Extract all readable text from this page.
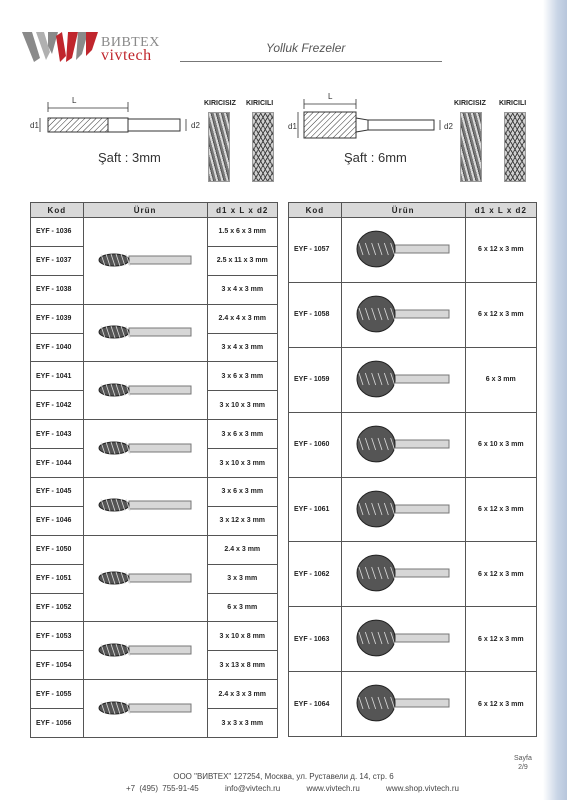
ВИВТЕХ
vivtech	Yolluk Frezeler
L
d1	d2
Şaft : 3mm
KIRICISIZ KIRICILI
L
d1	d2
Şaft : 6mm
KIRICISIZ KIRICILI
Kod	Ürün	d1 x L x d2
EYF - 1036		1.5 x 6 x 3 mm
EYF - 1037		2.5 x 11 x 3 mm
EYF - 1038		3 x 4 x 3 mm
EYF - 1039		2.4 x 4 x 3 mm
EYF - 1040		3 x 4 x 3 mm
EYF - 1041		3 x 6 x 3 mm
EYF - 1042		3 x 10 x 3 mm
EYF - 1043		3 x 6 x 3 mm
EYF - 1044		3 x 10 x 3 mm
EYF - 1045		3 x 6 x 3 mm
EYF - 1046		3 x 12 x 3 mm
EYF - 1050		2.4 x 3 mm
EYF - 1051		3 x 3 mm
EYF - 1052		6 x 3 mm
EYF - 1053		3 x 10 x 8 mm
EYF - 1054		3 x 13 x 8 mm
EYF - 1055		2.4 x 3 x 3 mm
EYF - 1056		3 x 3 x 3 mm
Kod	Ürün	d1 x L x d2
EYF - 1057		6 x 12 x 3 mm
EYF - 1058		6 x 12 x 3 mm
EYF - 1059		6 x 3 mm
EYF - 1060		6 x 10 x 3 mm
EYF - 1061		6 x 12 x 3 mm
EYF - 1062		6 x 12 x 3 mm
EYF - 1063		6 x 12 x 3 mm
EYF - 1064		6 x 12 x 3 mm
Sayfa
2/9
ООО "ВИВТЕХ" 127254, Москва, ул. Руставели д. 14, стр. 6
+7 (495) 755-91-45	info@vivtech.ru	www.vivtech.ru	www.shop.vivtech.ru
